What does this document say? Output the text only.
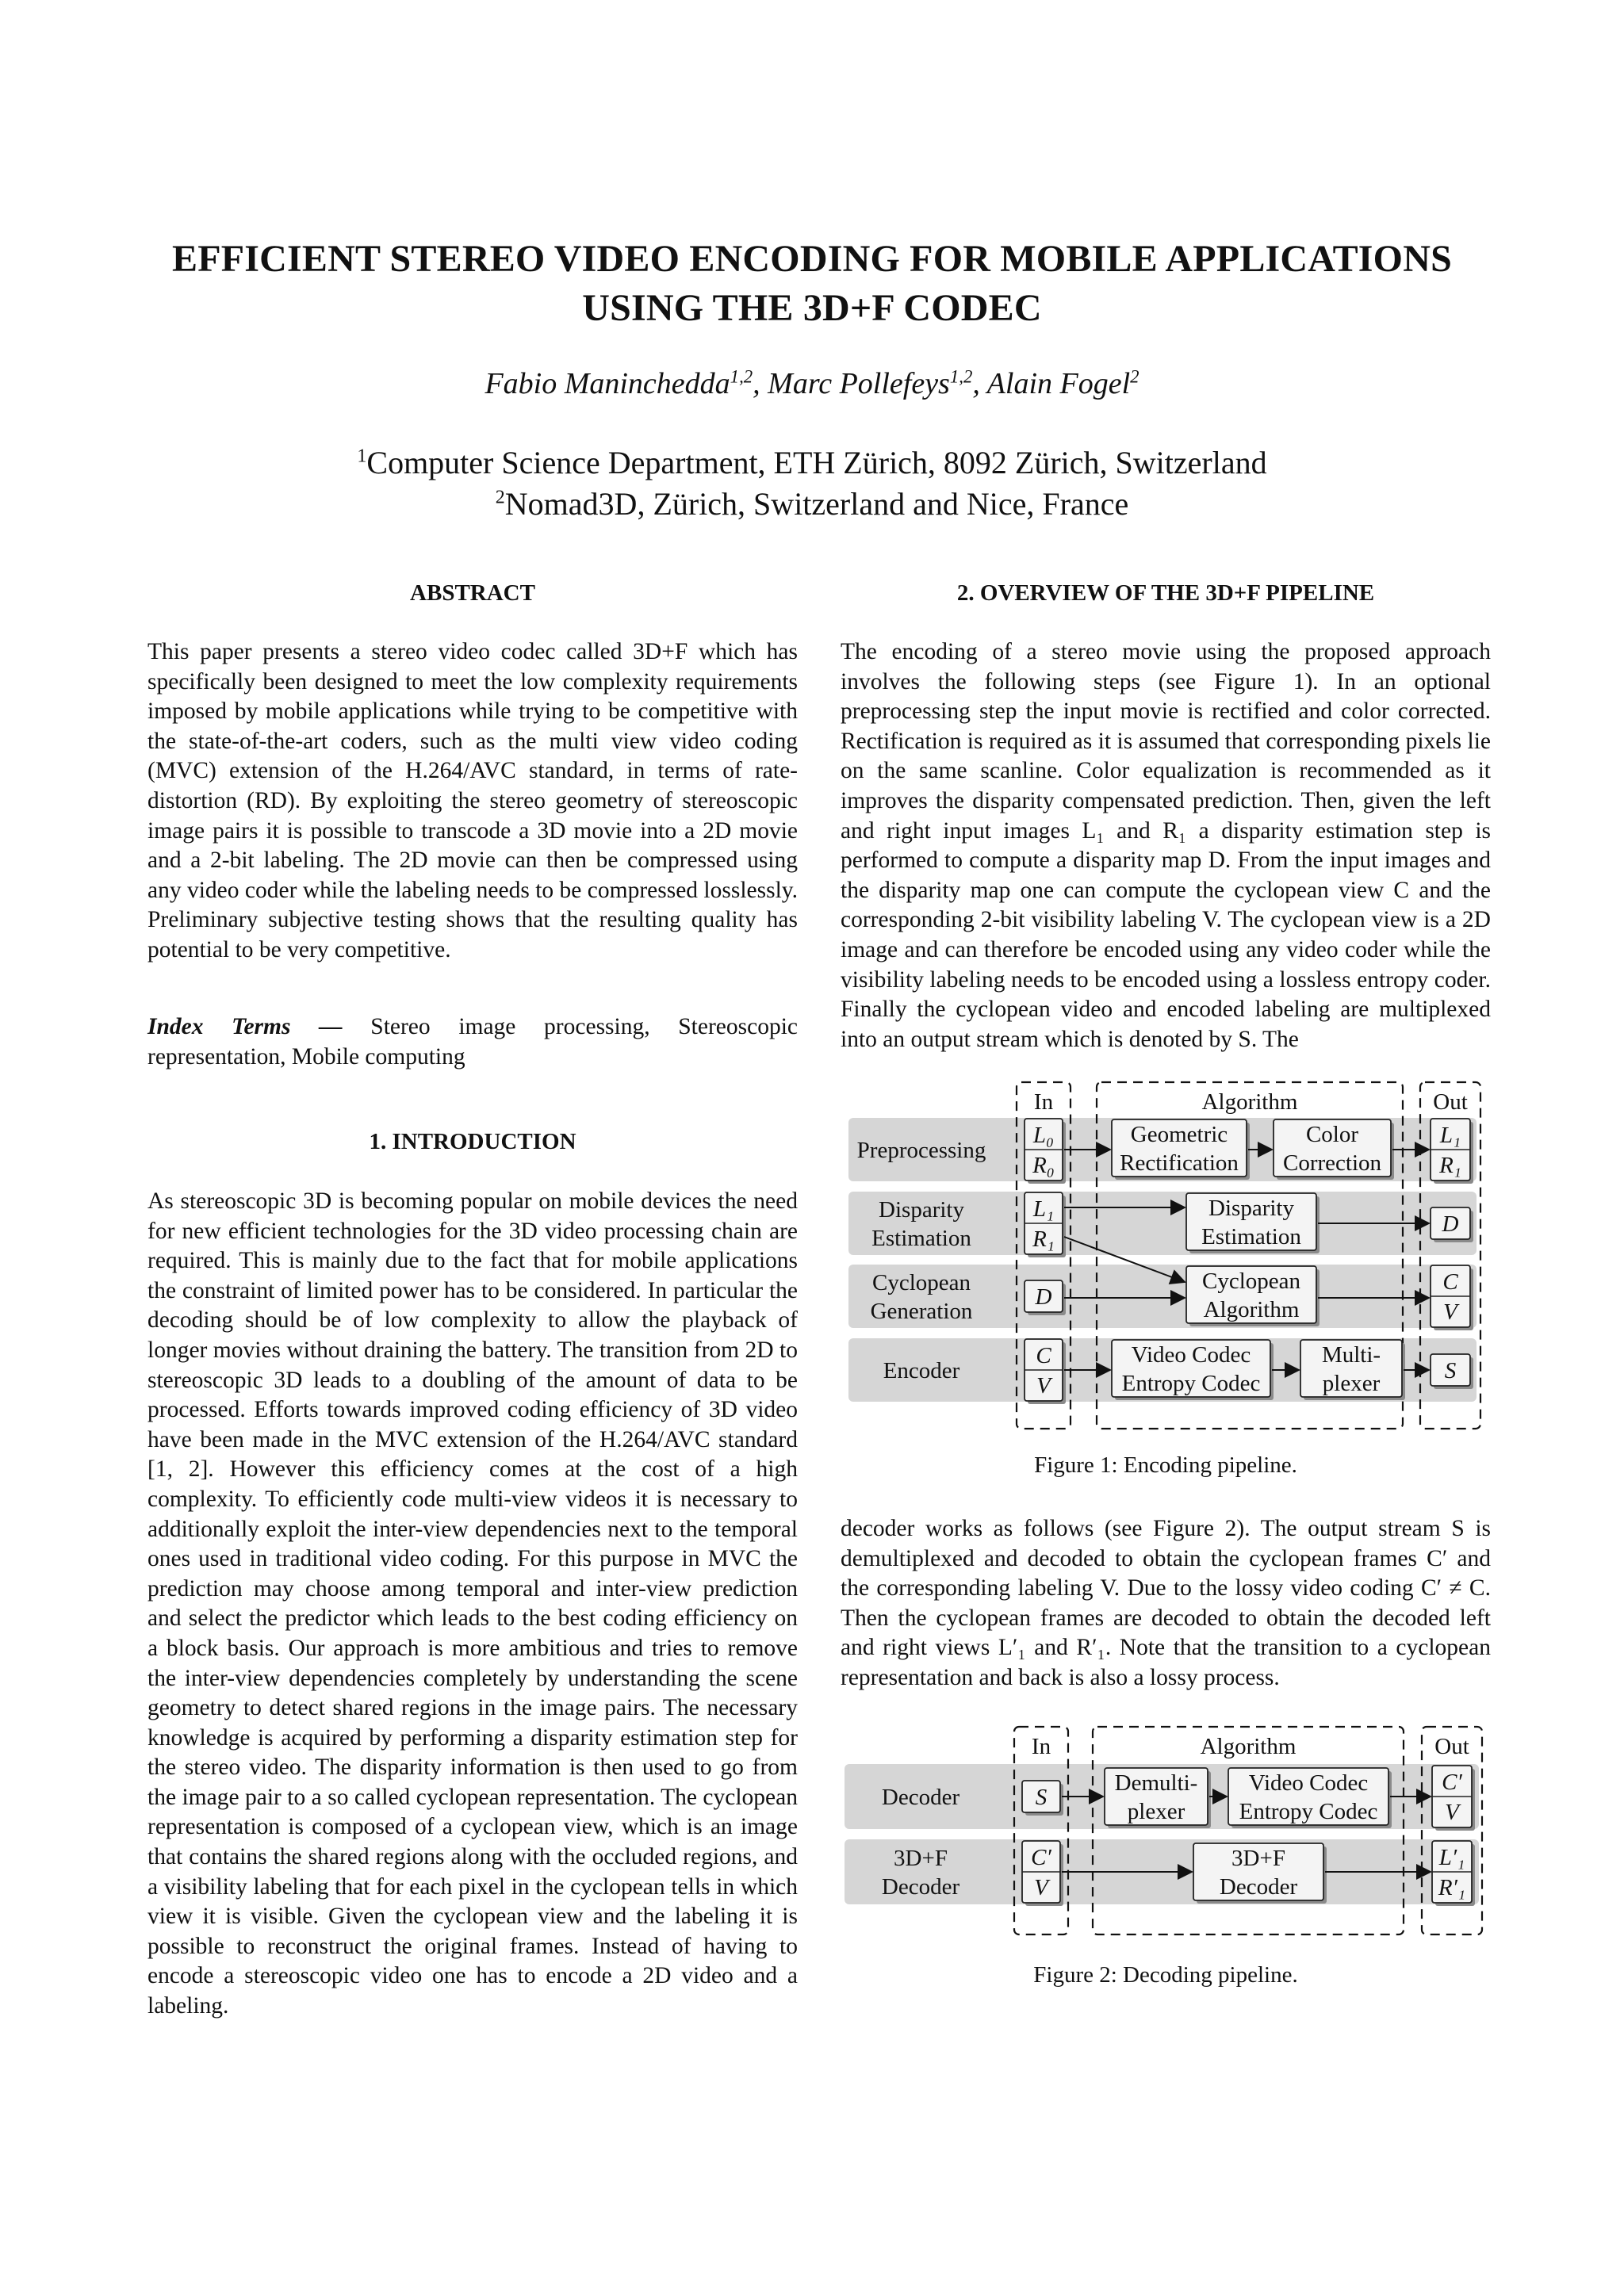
EFFICIENT STEREO VIDEO ENCODING FOR MOBILE APPLICATIONS
USING THE 3D+F CODEC
Fabio Maninchedda$^{1,2}$, Marc Pollefeys$^{1,2}$, Alain Fogel$^2$
$^1$Computer Science Department, ETH Zürich, 8092 Zürich, Switzerland
$^2$Nomad3D, Zürich, Switzerland and Nice, France
ABSTRACT

This paper presents a stereo video codec called 3D+F which has specifically been designed to meet the low complexity requirements imposed by mobile applications while trying to be competitive with the state-of-the-art coders, such as the multi view video coding (MVC) extension of the H.264/AVC standard, in terms of rate-distortion (RD). By exploiting the stereo geometry of stereoscopic image pairs it is possible to transcode a 3D movie into a 2D movie and a 2-bit labeling. The 2D movie can then be compressed using any video coder while the labeling needs to be compressed losslessly. Preliminary subjective testing shows that the resulting quality has potential to be very competitive.

Index Terms — Stereo image processing, Stereoscopic representation, Mobile computing

1. INTRODUCTION

As stereoscopic 3D is becoming popular on mobile devices the need for new efficient technologies for the 3D video processing chain are required. This is mainly due to the fact that for mobile applications the constraint of limited power has to be considered. In particular the decoding should be of low complexity to allow the playback of longer movies without draining the battery. The transition from 2D to stereoscopic 3D leads to a doubling of the amount of data to be processed. Efforts towards improved coding efficiency of 3D video have been made in the MVC extension of the H.264/AVC standard [1, 2]. However this efficiency comes at the cost of a high complexity. To efficiently code multi-view videos it is necessary to additionally exploit the inter-view dependencies next to the temporal ones used in traditional video coding. For this purpose in MVC the prediction may choose among temporal and inter-view prediction and select the predictor which leads to the best coding efficiency on a block basis. Our approach is more ambitious and tries to remove the inter-view dependencies completely by understanding the scene geometry to detect shared regions in the image pairs. The necessary knowledge is acquired by performing a disparity estimation step for the stereo video. The disparity information is then used to go from the image pair to a so called cyclopean representation. The cyclopean representation is composed of a cyclopean view, which is an image that contains the shared regions along with the occluded regions, and a visibility labeling that for each pixel in the cyclopean tells in which view it is visible. Given the cyclopean view and the labeling it is possible to reconstruct the original frames. Instead of having to encode a stereoscopic video one has to encode a 2D video and a labeling.

2. OVERVIEW OF THE 3D+F PIPELINE

The encoding of a stereo movie using the proposed approach involves the following steps (see Figure 1). In an optional preprocessing step the input movie is rectified and color corrected. Rectification is required as it is assumed that corresponding pixels lie on the same scanline. Color equalization is recommended as it improves the disparity compensated prediction. Then, given the left and right input images L₁ and R₁ a disparity estimation step is performed to compute a disparity map D. From the input images and the disparity map one can compute the cyclopean view C and the corresponding 2-bit visibility labeling V. The cyclopean view is a 2D image and can therefore be encoded using any video coder while the visibility labeling needs to be encoded using a lossless entropy coder. Finally the cyclopean video and encoded labeling are multiplexed into an output stream which is denoted by S. The

Preprocessing
Disparity
Estimation
Cyclopean
Generation
Encoder
In	Algorithm	Out
L₀
R₀
L₁
R₁
D
C
V
L₁
R₁
D
C
V
S
Geometric
Rectification
Color
Correction
Disparity
Estimation
Cyclopean
Algorithm
Video Codec
Entropy Codec
Multi-
plexer
Figure 1: Encoding pipeline.

decoder works as follows (see Figure 2). The output stream S is demultiplexed and decoded to obtain the cyclopean frames C′ and the corresponding labeling V. Due to the lossy video coding C′ ≠ C. Then the cyclopean frames are decoded to obtain the decoded left and right views L′₁ and R′₁. Note that the transition to a cyclopean representation and back is also a lossy process.

Decoder
3D+F
Decoder
In	Algorithm	Out
S
C′
V
C′
V
L′₁
R′₁
Demulti-
plexer
Video Codec
Entropy Codec
3D+F
Decoder
Figure 2: Decoding pipeline.
